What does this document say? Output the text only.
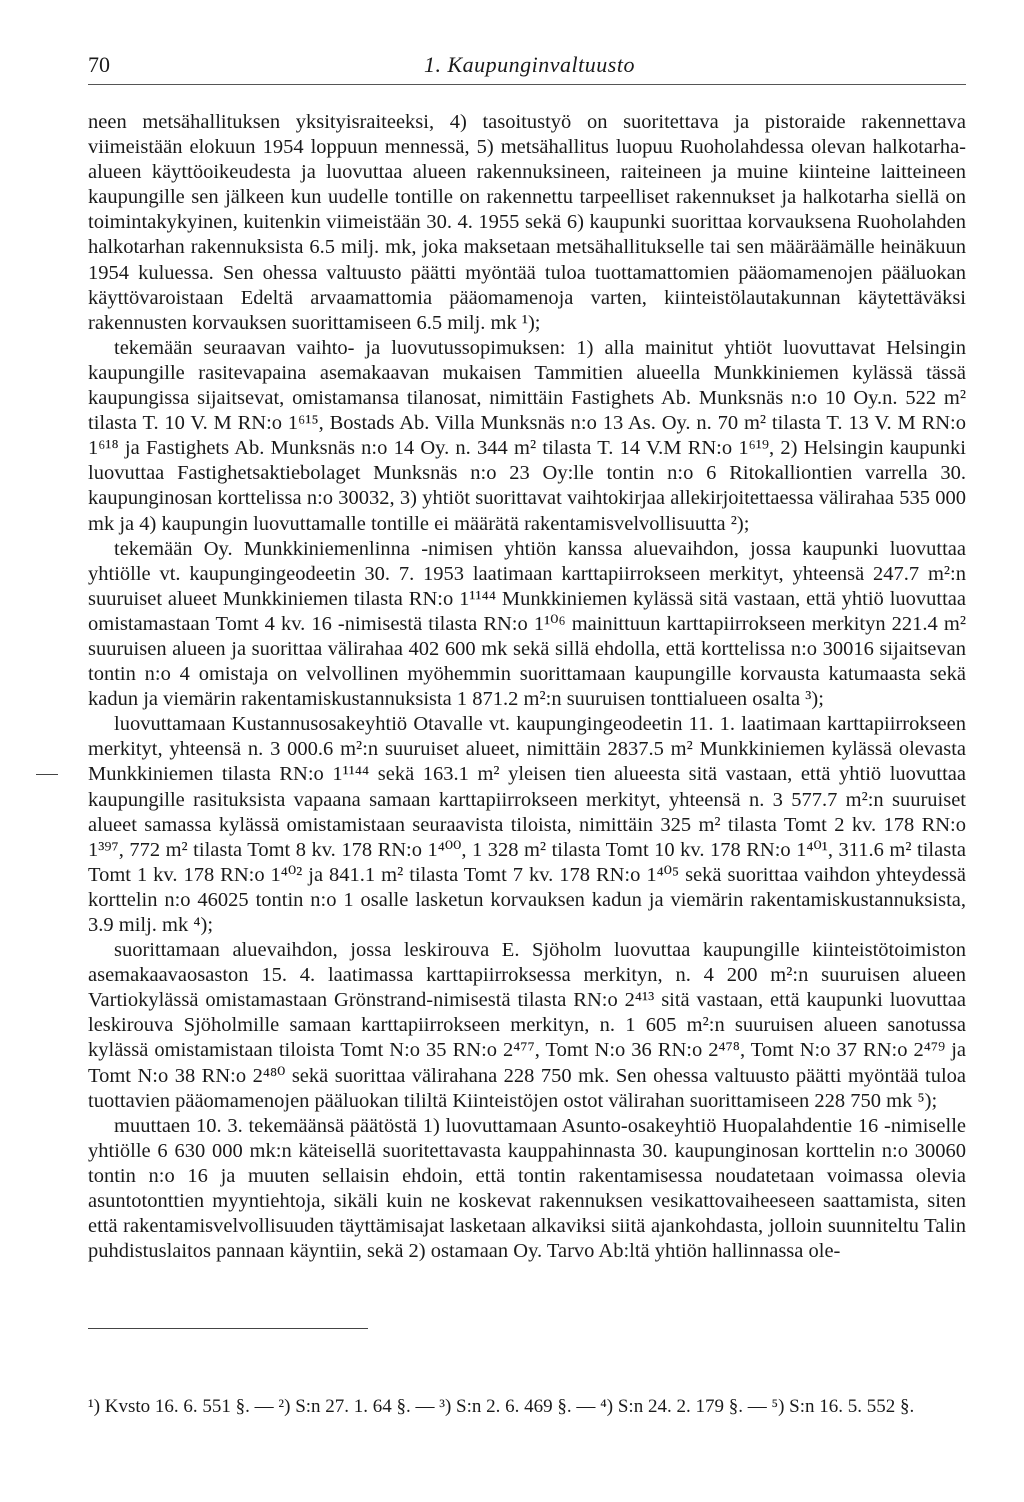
70	1. Kaupunginvaltuusto

neen metsähallituksen yksityisraiteeksi, 4) tasoitustyö on suoritettava ja pistoraide rakennettava viimeistään elokuun 1954 loppuun mennessä, 5) metsähallitus luopuu Ruoholahdessa olevan halkotarha-alueen käyttöoikeudesta ja luovuttaa alueen rakennuksineen, raiteineen ja muine kiinteine laitteineen kaupungille sen jälkeen kun uudelle tontille on rakennettu tarpeelliset rakennukset ja halkotarha siellä on toimintakykyinen, kuitenkin viimeistään 30. 4. 1955 sekä 6) kaupunki suorittaa korvauksena Ruoholahden halkotarhan rakennuksista 6.5 milj. mk, joka maksetaan metsähallitukselle tai sen määräämälle heinäkuun 1954 kuluessa. Sen ohessa valtuusto päätti myöntää tuloa tuottamattomien pääomamenojen pääluokan käyttövaroistaan Edeltä arvaamattomia pääomamenoja varten, kiinteistölautakunnan käytettäväksi rakennusten korvauksen suorittamiseen 6.5 milj. mk ¹);

tekemään seuraavan vaihto- ja luovutussopimuksen: 1) alla mainitut yhtiöt luovuttavat Helsingin kaupungille rasitevapaina asemakaavan mukaisen Tammitien alueella Munkkiniemen kylässä tässä kaupungissa sijaitsevat, omistamansa tilanosat, nimittäin Fastighets Ab. Munksnäs n:o 10 Oy.n. 522 m² tilasta T. 10 V. M RN:o 1⁶¹⁵, Bostads Ab. Villa Munksnäs n:o 13 As. Oy. n. 70 m² tilasta T. 13 V. M RN:o 1⁶¹⁸ ja Fastighets Ab. Munksnäs n:o 14 Oy. n. 344 m² tilasta T. 14 V.M RN:o 1⁶¹⁹, 2) Helsingin kaupunki luovuttaa Fastighetsaktiebolaget Munksnäs n:o 23 Oy:lle tontin n:o 6 Ritokalliontien varrella 30. kaupunginosan korttelissa n:o 30032, 3) yhtiöt suorittavat vaihtokirjaa allekirjoitettaessa välirahaa 535 000 mk ja 4) kaupungin luovuttamalle tontille ei määrätä rakentamisvelvollisuutta ²);

tekemään Oy. Munkkiniemenlinna -nimisen yhtiön kanssa aluevaihdon, jossa kaupunki luovuttaa yhtiölle vt. kaupungingeodeetin 30. 7. 1953 laatimaan karttapiirrokseen merkityt, yhteensä 247.7 m²:n suuruiset alueet Munkkiniemen tilasta RN:o 1¹¹⁴⁴ Munkkiniemen kylässä sitä vastaan, että yhtiö luovuttaa omistamastaan Tomt 4 kv. 16 -nimisestä tilasta RN:o 1¹⁰⁶ mainittuun karttapiirrokseen merkityn 221.4 m² suuruisen alueen ja suorittaa välirahaa 402 600 mk sekä sillä ehdolla, että korttelissa n:o 30016 sijaitsevan tontin n:o 4 omistaja on velvollinen myöhemmin suorittamaan kaupungille korvausta katumaasta sekä kadun ja viemärin rakentamiskustannuksista 1 871.2 m²:n suuruisen tonttialueen osalta ³);

luovuttamaan Kustannusosakeyhtiö Otavalle vt. kaupungingeodeetin 11. 1. laatimaan karttapiirrokseen merkityt, yhteensä n. 3 000.6 m²:n suuruiset alueet, nimittäin 2837.5 m² Munkkiniemen kylässä olevasta Munkkiniemen tilasta RN:o 1¹¹⁴⁴ sekä 163.1 m² yleisen tien alueesta sitä vastaan, että yhtiö luovuttaa kaupungille rasituksista vapaana samaan karttapiirrokseen merkityt, yhteensä n. 3 577.7 m²:n suuruiset alueet samassa kylässä omistamistaan seuraavista tiloista, nimittäin 325 m² tilasta Tomt 2 kv. 178 RN:o 1³⁹⁷, 772 m² tilasta Tomt 8 kv. 178 RN:o 1⁴⁰⁰, 1 328 m² tilasta Tomt 10 kv. 178 RN:o 1⁴⁰¹, 311.6 m² tilasta Tomt 1 kv. 178 RN:o 1⁴⁰² ja 841.1 m² tilasta Tomt 7 kv. 178 RN:o 1⁴⁰⁵ sekä suorittaa vaihdon yhteydessä korttelin n:o 46025 tontin n:o 1 osalle lasketun korvauksen kadun ja viemärin rakentamiskustannuksista, 3.9 milj. mk ⁴);

suorittamaan aluevaihdon, jossa leskirouva E. Sjöholm luovuttaa kaupungille kiinteistötoimiston asemakaavaosaston 15. 4. laatimassa karttapiirroksessa merkityn, n. 4 200 m²:n suuruisen alueen Vartiokylässä omistamastaan Grönstrand-nimisestä tilasta RN:o 2⁴¹³ sitä vastaan, että kaupunki luovuttaa leskirouva Sjöholmille samaan karttapiirrokseen merkityn, n. 1 605 m²:n suuruisen alueen sanotussa kylässä omistamistaan tiloista Tomt N:o 35 RN:o 2⁴⁷⁷, Tomt N:o 36 RN:o 2⁴⁷⁸, Tomt N:o 37 RN:o 2⁴⁷⁹ ja Tomt N:o 38 RN:o 2⁴⁸⁰ sekä suorittaa välirahana 228 750 mk. Sen ohessa valtuusto päätti myöntää tuloa tuottavien pääomamenojen pääluokan tililtä Kiinteistöjen ostot välirahan suorittamiseen 228 750 mk ⁵);

muuttaen 10. 3. tekemäänsä päätöstä 1) luovuttamaan Asunto-osakeyhtiö Huopalahdentie 16 -nimiselle yhtiölle 6 630 000 mk:n käteisellä suoritettavasta kauppahinnasta 30. kaupunginosan korttelin n:o 30060 tontin n:o 16 ja muuten sellaisin ehdoin, että tontin rakentamisessa noudatetaan voimassa olevia asuntotonttien myyntiehtoja, sikäli kuin ne koskevat rakennuksen vesikattovaiheeseen saattamista, siten että rakentamisvelvollisuuden täyttämisajat lasketaan alkaviksi siitä ajankohdasta, jolloin suunniteltu Talin puhdistuslaitos pannaan käyntiin, sekä 2) ostamaan Oy. Tarvo Ab:ltä yhtiön hallinnassa ole-

¹) Kvsto 16. 6. 551 §. — ²) S:n 27. 1. 64 §. — ³) S:n 2. 6. 469 §. — ⁴) S:n 24. 2. 179 §. — ⁵) S:n 16. 5. 552 §.
